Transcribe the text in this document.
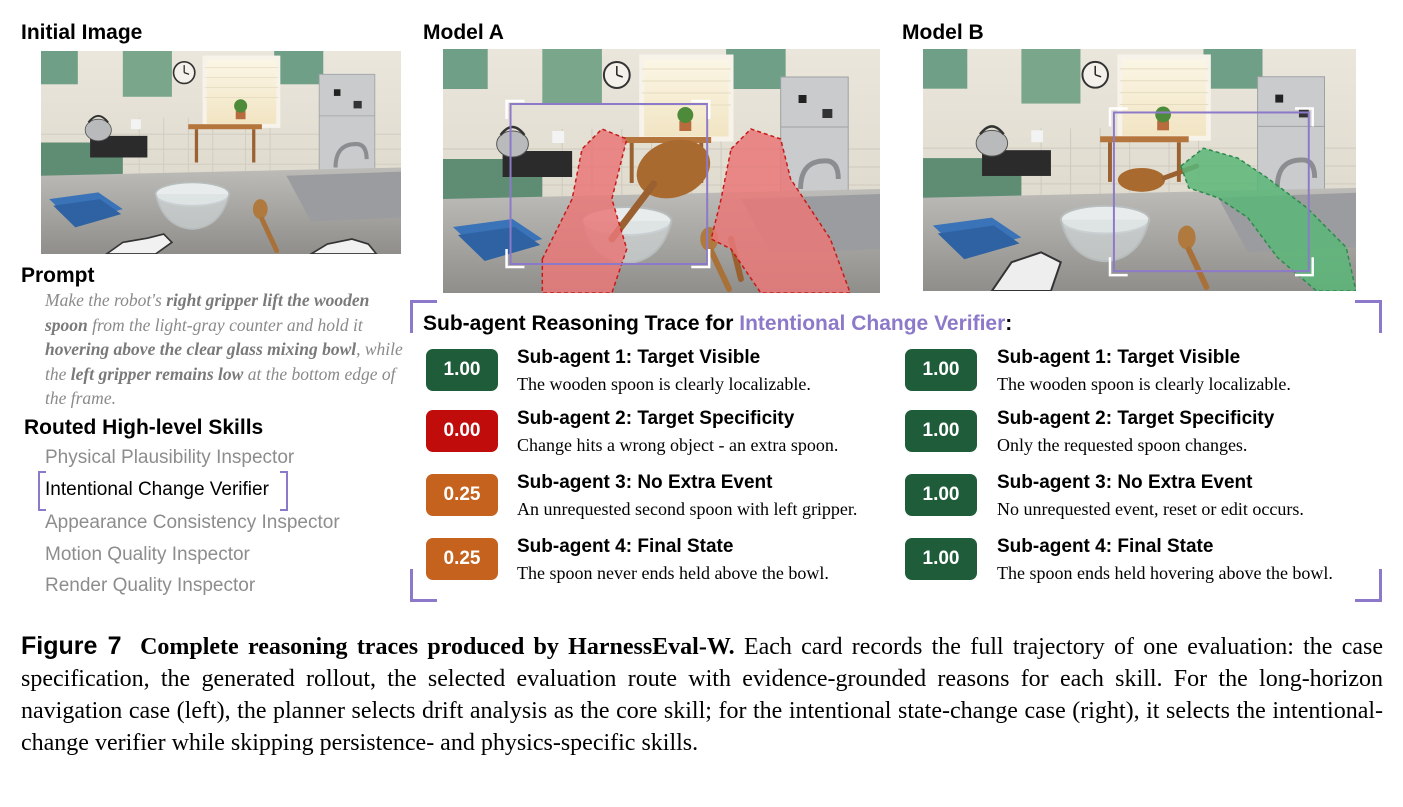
Initial Image
Prompt
Make the robot's right gripper lift the wooden spoon from the light-gray counter and hold it hovering above the clear glass mixing bowl, while the left gripper remains low at the bottom edge of the frame.
Routed High-level Skills
Physical Plausibility Inspector
Intentional Change Verifier
Appearance Consistency Inspector
Motion Quality Inspector
Render Quality Inspector
Model A	Model B
Sub-agent Reasoning Trace for Intentional Change Verifier:
1.00
Sub-agent 1: Target Visible
The wooden spoon is clearly localizable.
0.00
Sub-agent 2: Target Specificity
Change hits a wrong object - an extra spoon.
0.25
Sub-agent 3: No Extra Event
An unrequested second spoon with left gripper.
0.25
Sub-agent 4: Final State
The spoon never ends held above the bowl.
1.00
Sub-agent 1: Target Visible
The wooden spoon is clearly localizable.
1.00
Sub-agent 2: Target Specificity
Only the requested spoon changes.
1.00
Sub-agent 3: No Extra Event
No unrequested event, reset or edit occurs.
1.00
Sub-agent 4: Final State
The spoon ends held hovering above the bowl.
Figure 7 Complete reasoning traces produced by HarnessEval-W. Each card records the full trajectory of one evaluation: the case specification, the generated rollout, the selected evaluation route with evidence-grounded reasons for each skill. For the long-horizon navigation case (left), the planner selects drift analysis as the core skill; for the intentional state-change case (right), it selects the intentional-change verifier while skipping persistence- and physics-specific skills.
